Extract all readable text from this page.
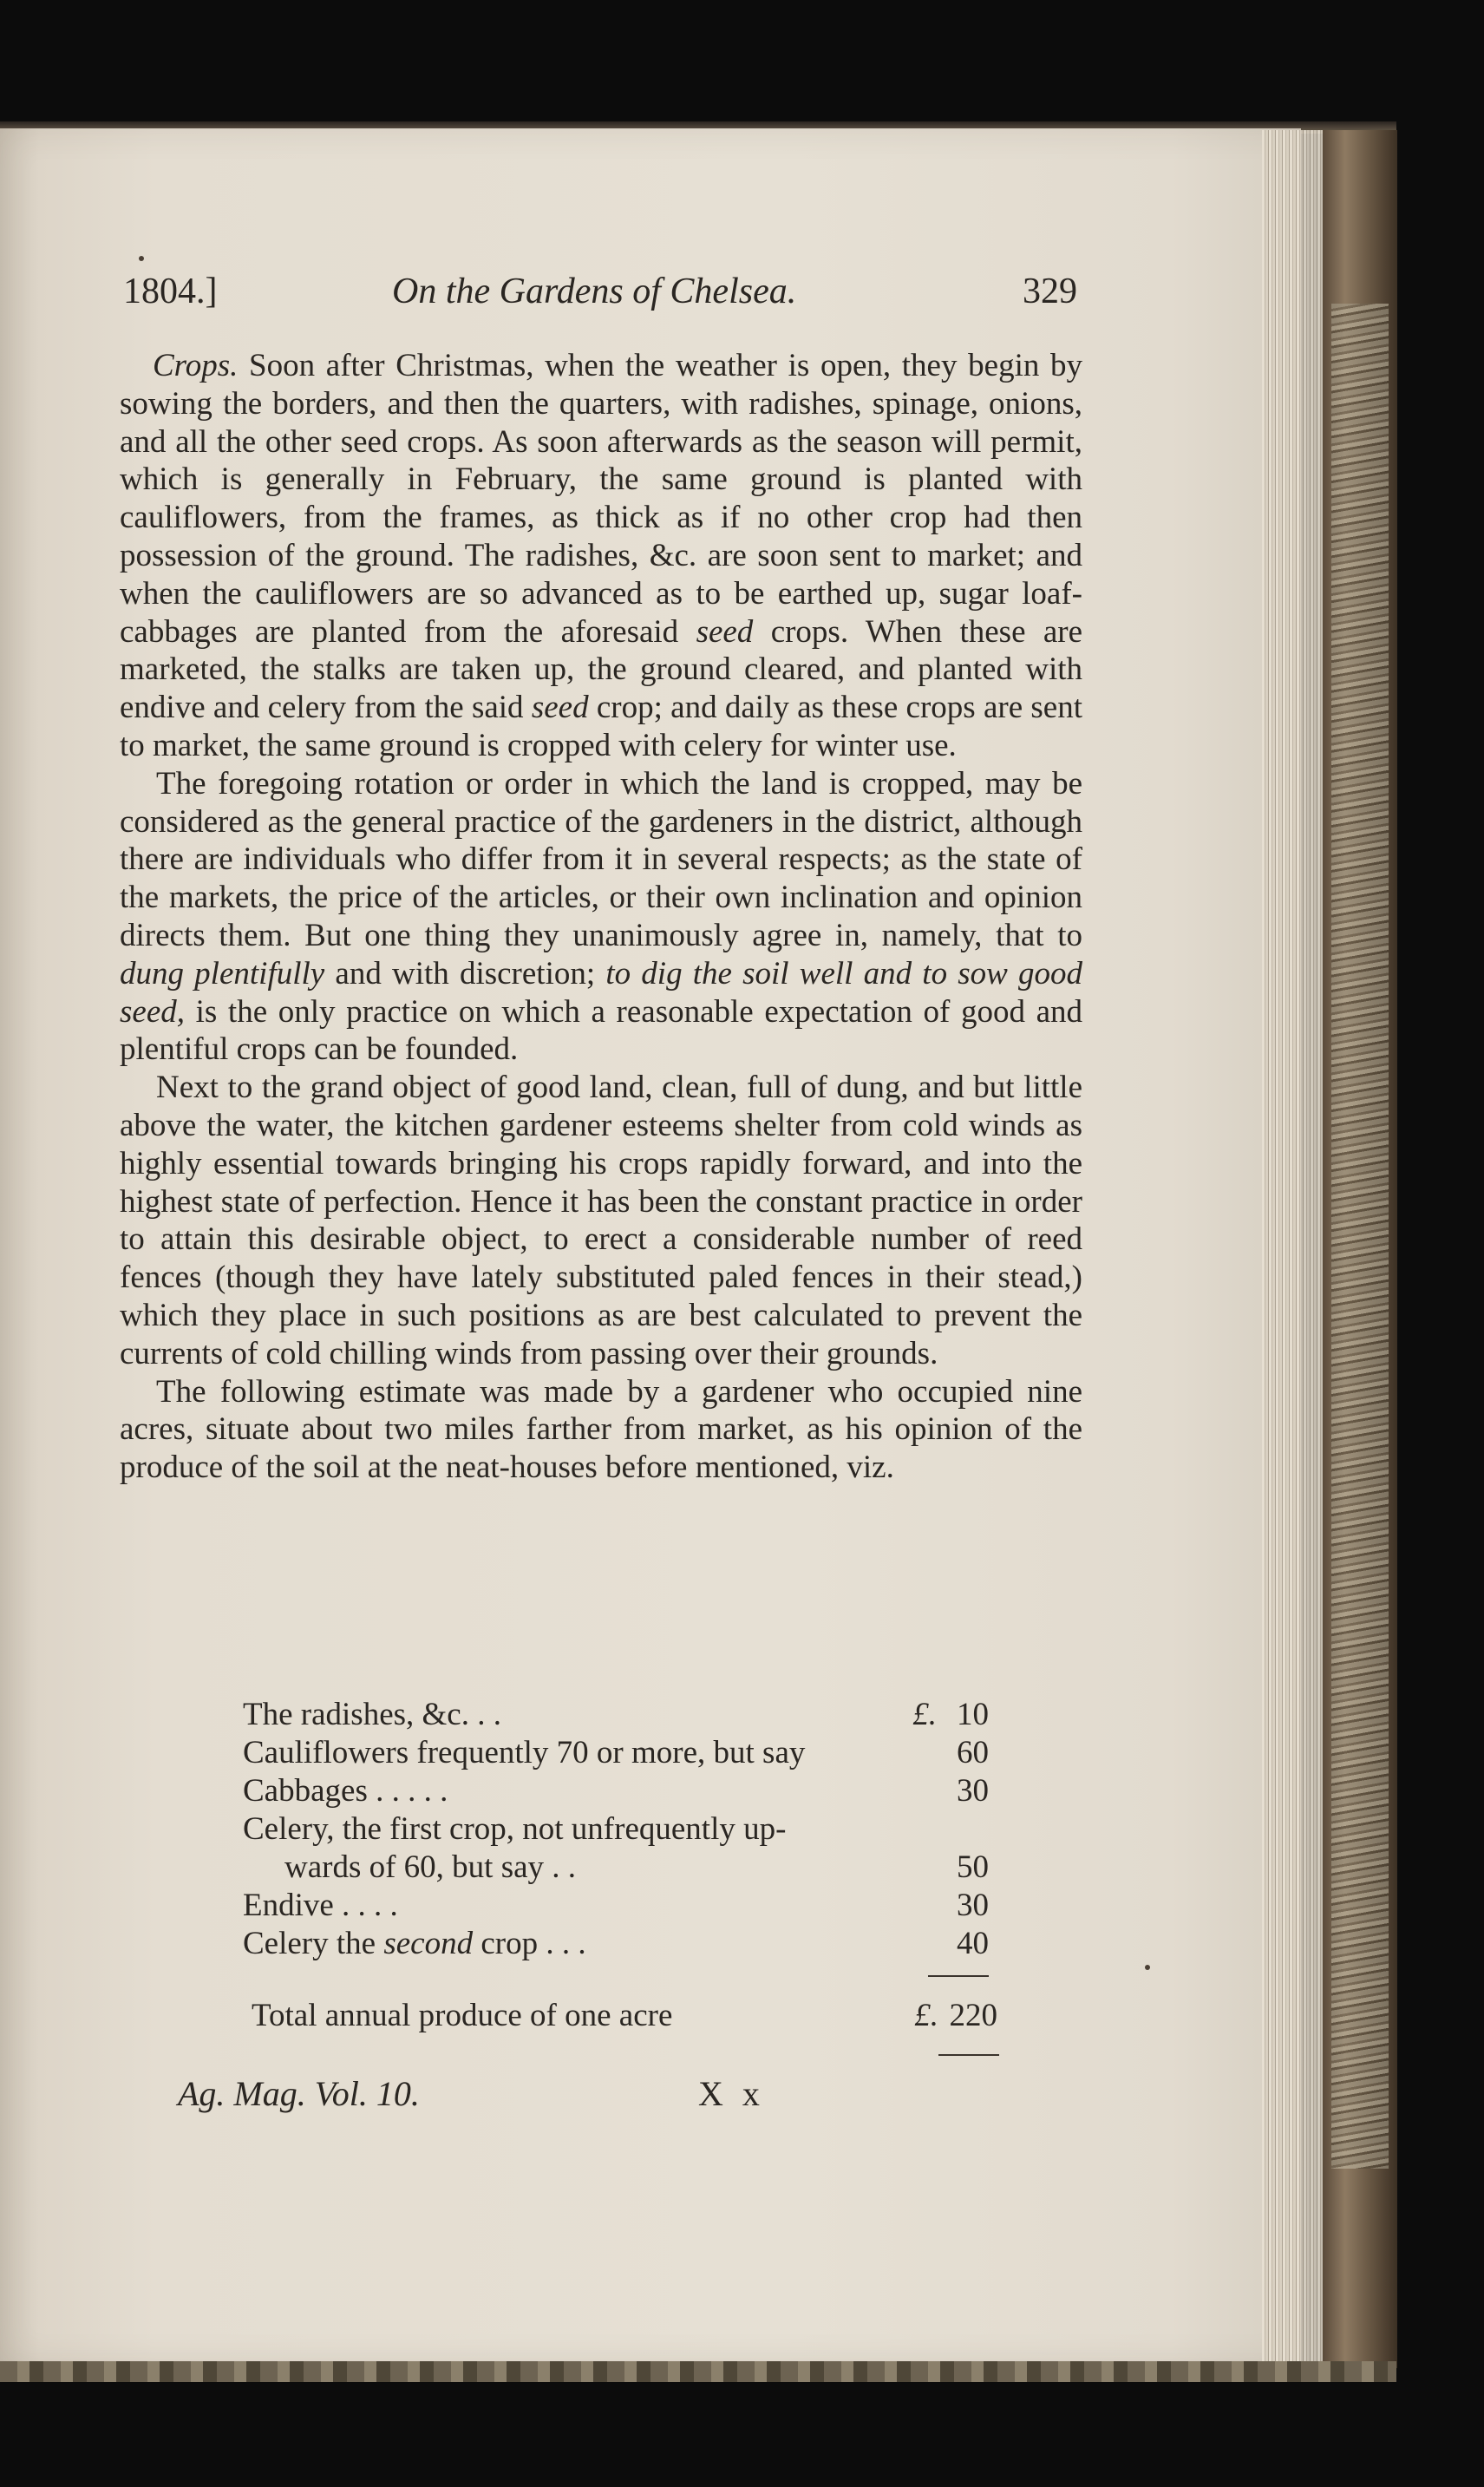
1804.]	On the Gardens of Chelsea.	329

Crops. Soon after Christmas, when the weather is open, they begin by sowing the borders, and then the quarters, with radishes, spinage, onions, and all the other seed crops. As soon afterwards as the season will permit, which is generally in February, the same ground is planted with cauliflowers, from the frames, as thick as if no other crop had then possession of the ground. The radishes, &c. are soon sent to market; and when the cauliflowers are so advanced as to be earthed up, sugar loaf-cabbages are planted from the aforesaid seed crops. When these are marketed, the stalks are taken up, the ground cleared, and planted with endive and celery from the said seed crop; and daily as these crops are sent to market, the same ground is cropped with celery for winter use.

The foregoing rotation or order in which the land is cropped, may be considered as the general practice of the gardeners in the district, although there are individuals who differ from it in several respects; as the state of the markets, the price of the articles, or their own inclination and opinion directs them. But one thing they unanimously agree in, namely, that to dung plentifully and with discretion; to dig the soil well and to sow good seed, is the only practice on which a reasonable expectation of good and plentiful crops can be founded.

Next to the grand object of good land, clean, full of dung, and but little above the water, the kitchen gardener esteems shelter from cold winds as highly essential towards bringing his crops rapidly forward, and into the highest state of perfection. Hence it has been the constant practice in order to attain this desirable object, to erect a considerable number of reed fences (though they have lately substituted paled fences in their stead,) which they place in such positions as are best calculated to prevent the currents of cold chilling winds from passing over their grounds.

The following estimate was made by a gardener who occupied nine acres, situate about two miles farther from market, as his opinion of the produce of the soil at the neat-houses before mentioned, viz.

The radishes, &c. . .	£. 10
Cauliflowers frequently 70 or more, but say	60
Cabbages . . . . .	30
Celery, the first crop, not unfrequently up-
wards of 60, but say . .	50
Endive . . . .	30
Celery the second crop . . .	40
Total annual produce of one acre	£. 220
Ag. Mag. Vol. 10.	X x
